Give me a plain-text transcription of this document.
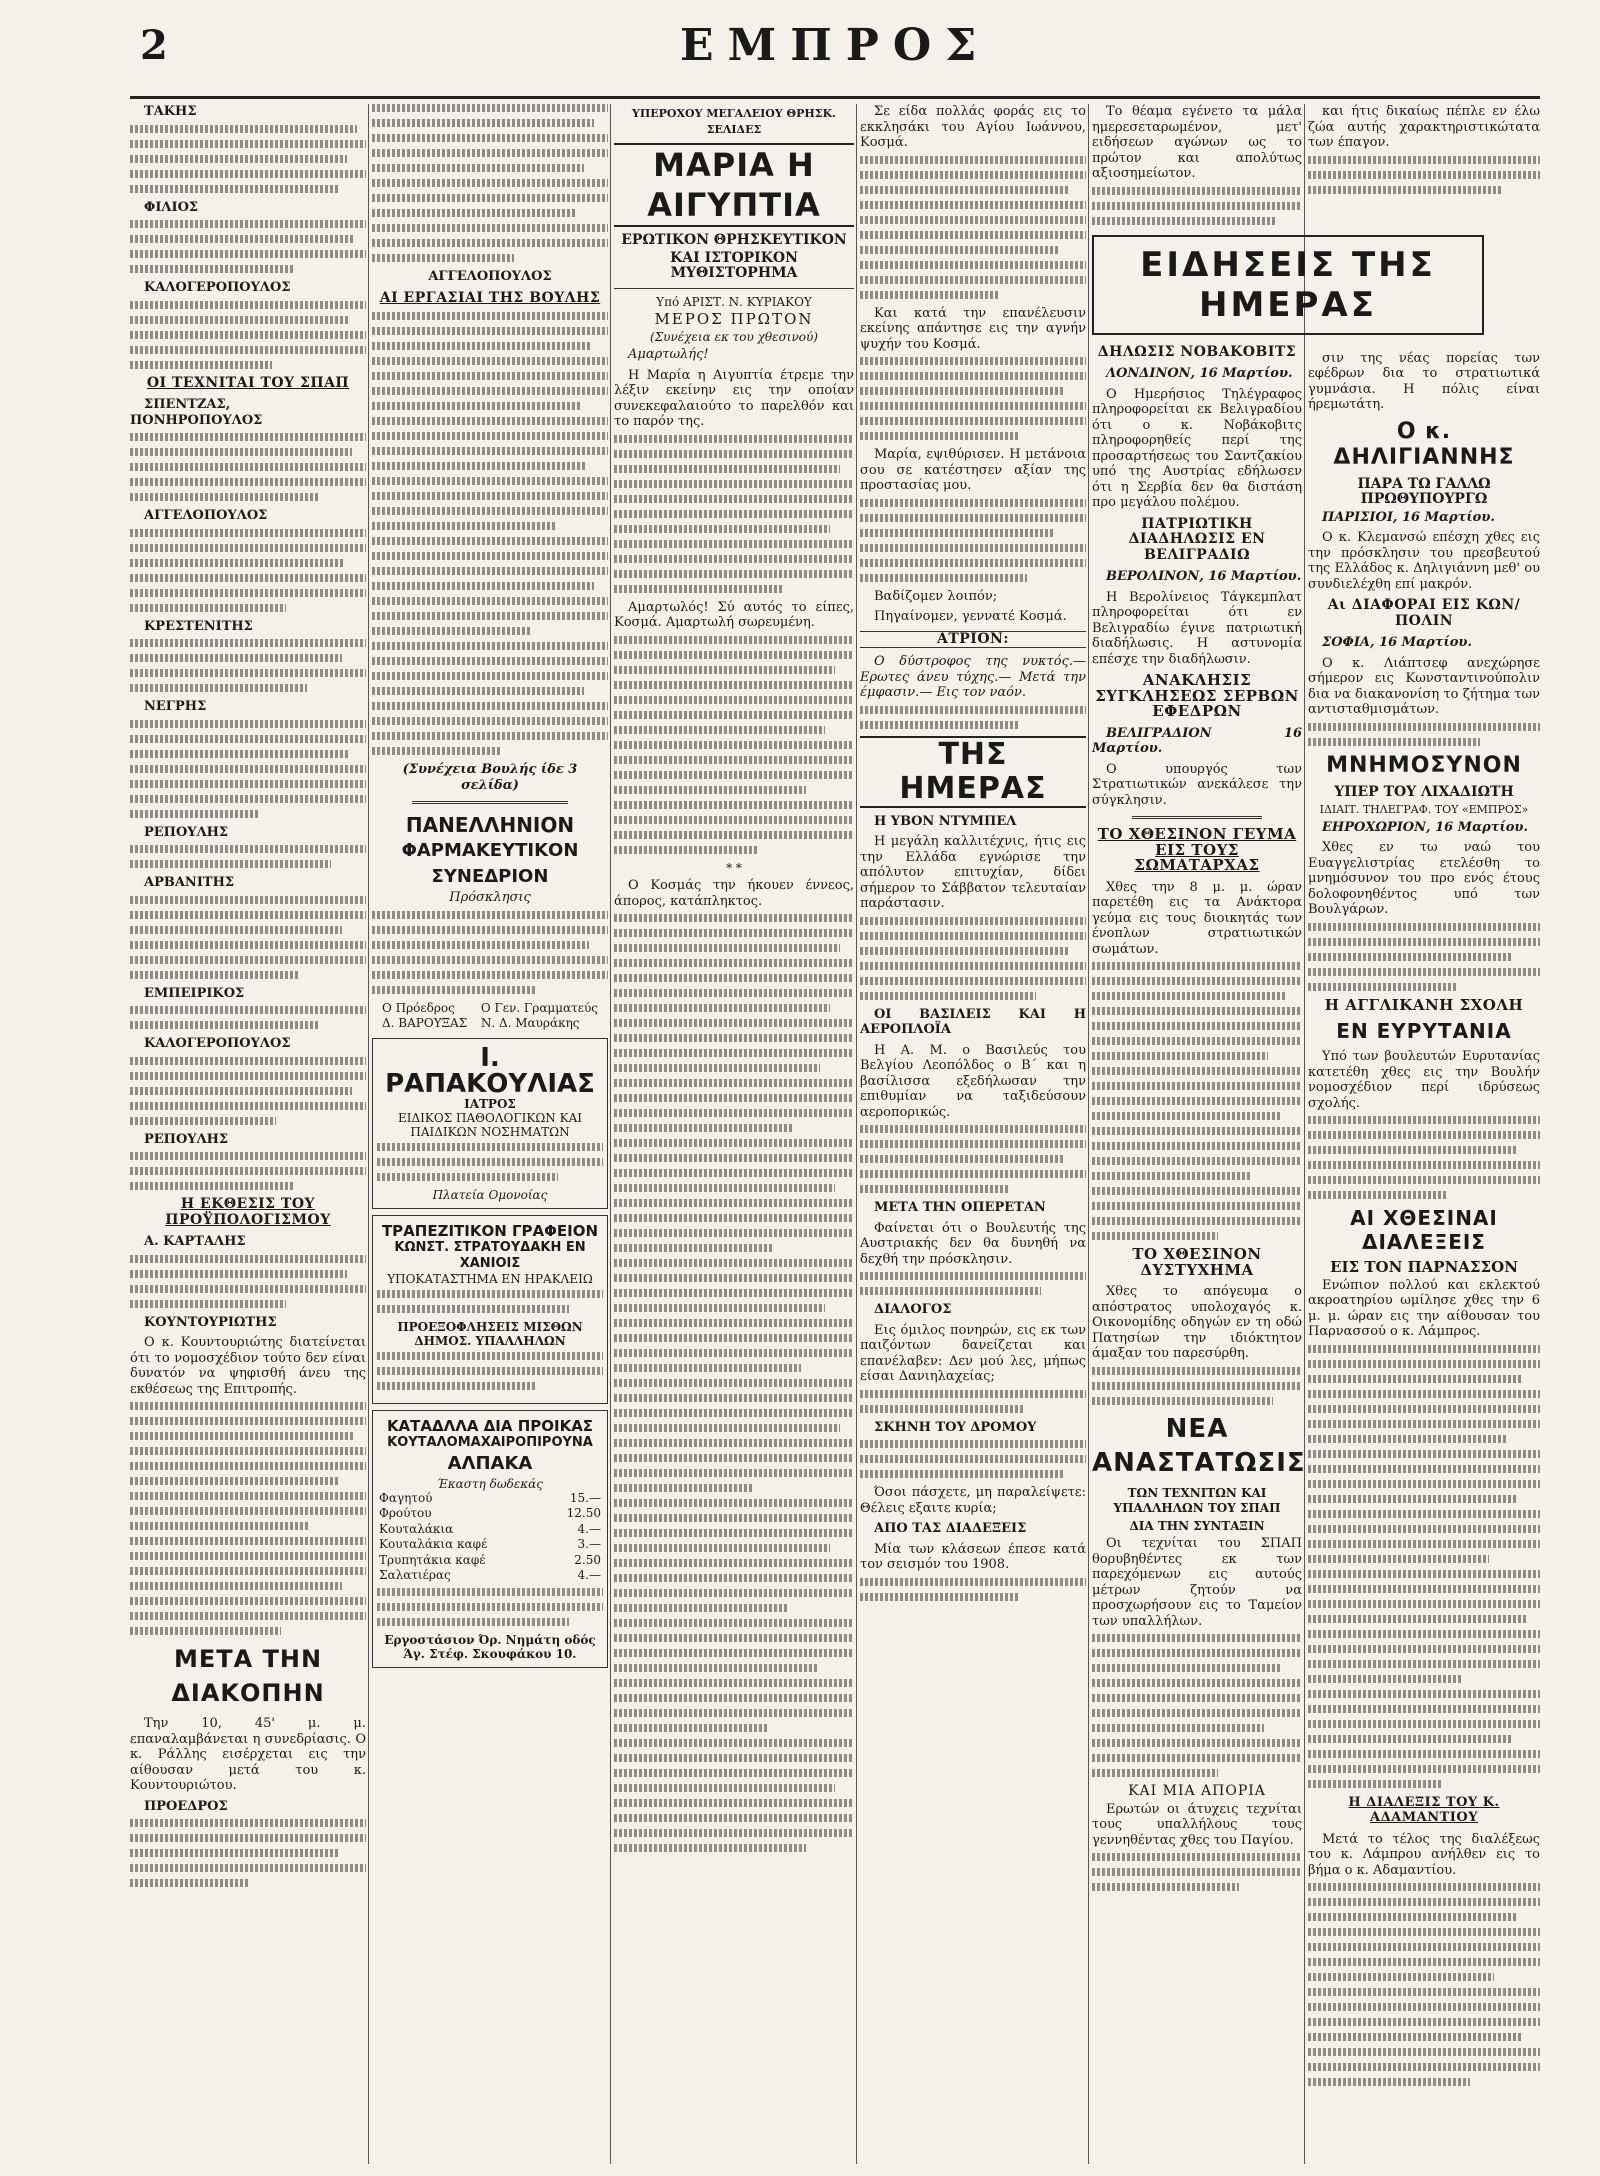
2	ΕΜΠΡΟΣ

ΤΑΚΗΣ

ΦΙΛΙΟΣ

ΚΑΛΟΓΕΡΟΠΟΥΛΟΣ

ΟΙ ΤΕΧΝΙΤΑΙ ΤΟΥ ΣΠΑΠ

ΣΠΕΝΤΖΑΣ, ΠΟΝΗΡΟΠΟΥΛΟΣ

ΑΓΓΕΛΟΠΟΥΛΟΣ

ΚΡΕΣΤΕΝΙΤΗΣ

ΝΕΓΡΗΣ

ΡΕΠΟΥΛΗΣ

ΑΡΒΑΝΙΤΗΣ

ΕΜΠΕΙΡΙΚΟΣ

ΚΑΛΟΓΕΡΟΠΟΥΛΟΣ

ΡΕΠΟΥΛΗΣ

Η ΕΚΘΕΣΙΣ ΤΟΥ ΠΡΟΫΠΟΛΟΓΙΣΜΟΥ

Α. ΚΑΡΤΑΛΗΣ

ΚΟΥΝΤΟΥΡΙΩΤΗΣ

Ο κ. Κουντουριώτης διατείνεται ότι το νομοσχέδιον τούτο δεν είναι δυνατόν να ψηφισθή άνευ της εκθέσεως της Επιτροπής.

ΜΕΤΑ ΤΗΝ ΔΙΑΚΟΠΗΝ

Την 10, 45' μ. μ. επαναλαμβάνεται η συνεδρίασις. Ο κ. Ράλλης εισέρχεται εις την αίθουσαν μετά του κ. Κουντουριώτου.

ΠΡΟΕΔΡΟΣ

ΑΓΓΕΛΟΠΟΥΛΟΣ

ΑΙ ΕΡΓΑΣΙΑΙ ΤΗΣ ΒΟΥΛΗΣ

(Συνέχεια Βουλής ίδε 3 σελίδα)

ΠΑΝΕΛΛΗΝΙΟΝ
ΦΑΡΜΑΚΕΥΤΙΚΟΝ ΣΥΝΕΔΡΙΟΝ

Πρόσκλησις

Ο Πρόεδρος
Δ. ΒΑΡΟΥΞΑΣ
Ο Γεν. Γραμματεύς
Ν. Δ. Μαυράκης
Ι. ΡΑΠΑΚΟΥΛΙΑΣ
ΙΑΤΡΟΣ
ΕΙΔΙΚΟΣ ΠΑΘΟΛΟΓΙΚΩΝ ΚΑΙ ΠΑΙΔΙΚΩΝ ΝΟΣΗΜΑΤΩΝ
Πλατεία Ομονοίας
ΤΡΑΠΕΖΙΤΙΚΟΝ ΓΡΑΦΕΙΟΝ
ΚΩΝΣΤ. ΣΤΡΑΤΟΥΔΑΚΗ ΕΝ ΧΑΝΙΟΙΣ
ΥΠΟΚΑΤΑΣΤΗΜΑ ΕΝ ΗΡΑΚΛΕΙΩ
ΠΡΟΕΞΟΦΛΗΣΕΙΣ ΜΙΣΘΩΝ ΔΗΜΟΣ. ΥΠΑΛΛΗΛΩΝ
ΚΑΤΑΔΛΛΑ ΔΙΑ ΠΡΟΙΚΑΣ
ΚΟΥΤΑΛΟΜΑΧΑΙΡΟΠΙΡΟΥΝΑ
ΑΛΠΑΚΑ
Έκαστη δωδεκάς
Φαγητού	15.—
Φρούτου	12.50
Κουταλάκια	4.—
Κουταλάκια καφέ	3.—
Τρυπητάκια καφέ	2.50
Σαλατιέρας	4.—
Εργοστάσιον Όρ. Νημάτη οδός Άγ. Στέφ. Σκουφάκου 10.
ΥΠΕΡΟΧΟΥ ΜΕΓΑΛΕΙΟΥ ΘΡΗΣΚ. ΣΕΛΙΔΕΣ
ΜΑΡΙΑ Η ΑΙΓΥΠΤΙΑ
ΕΡΩΤΙΚΟΝ ΘΡΗΣΚΕΥΤΙΚΟΝ
ΚΑΙ ΙΣΤΟΡΙΚΟΝ ΜΥΘΙΣΤΟΡΗΜΑ
Υπό ΑΡΙΣΤ. Ν. ΚΥΡΙΑΚΟΥ
ΜΕΡΟΣ ΠΡΩΤΟΝ
(Συνέχεια εκ του χθεσινού)

Αμαρτωλής!

Η Μαρία η Αιγυπτία έτρεμε την λέξιν εκείνην εις την οποίαν συνεκεφαλαιούτο το παρελθόν και το παρόν της.

Αμαρτωλός! Σύ αυτός το είπες, Κοσμά. Αμαρτωλή σωρευμένη.

* *

Ο Κοσμάς την ήκουεν έννεος, άπορος, κατάπληκτος.

Σε είδα πολλάς φοράς εις το εκκλησάκι του Αγίου Ιωάννου, Κοσμά.

Και κατά την επανέλευσιν εκείνης απάντησε εις την αγνήν ψυχήν του Κοσμά.

Μαρία, εψιθύρισεν. Η μετάνοια σου σε κατέστησεν αξίαν της προστασίας μου.

Βαδίζομεν λοιπόν;

Πηγαίνομεν, γεννατέ Κοσμά.

ΑΤΡΙΟΝ:

Ο δύστροφος της νυκτός.— Ερωτες άνευ τύχης.— Μετά την έμφασιν.— Εις τον ναόν.

ΤΗΣ ΗΜΕΡΑΣ

Η ΥΒΟΝ ΝΤΥΜΠΕΛ

Η μεγάλη καλλιτέχνις, ήτις εις την Ελλάδα εγνώρισε την απόλυτον επιτυχίαν, δίδει σήμερον το Σάββατον τελευταίαν παράστασιν.

ΟΙ ΒΑΣΙΛΕΙΣ ΚΑΙ Η ΑΕΡΟΠΛΟΪΑ

Η Α. Μ. ο Βασιλεύς του Βελγίου Λεοπόλδος ο Β΄ και η βασίλισσα εξεδήλωσαν την επιθυμίαν να ταξιδεύσουν αεροπορικώς.

ΜΕΤΑ ΤΗΝ ΟΠΕΡΕΤΑΝ

Φαίνεται ότι ο Βουλευτής της Αυστριακής δεν θα δυνηθή να δεχθή την πρόσκλησιν.

ΔΙΑΛΟΓΟΣ

Εις όμιλος πονηρών, εις εκ των παιζόντων δανείζεται και επανέλαβεν: Δεν μού λες, μήπως είσαι Δανιηλαχείας;

ΣΚΗΝΗ ΤΟΥ ΔΡΟΜΟΥ

Όσοι πάσχετε, μη παραλείψετε: Θέλεις εξαιτε κυρία;

ΑΠΟ ΤΑΣ ΔΙΑΔΕΞΕΙΣ

Μία των κλάσεων έπεσε κατά τον σεισμόν του 1908.

Το θέαμα εγένετο τα μάλα ημερεσεταρωμένον, μετ' ειδήσεων αγώνων ως το πρώτον και απολύτως αξιοσημείωτον.

ΕΙΔΗΣΕΙΣ ΤΗΣ ΗΜΕΡΑΣ
ΔΗΛΩΣΙΣ ΝΟΒΑΚΟΒΙΤΣ

ΛΟΝΔΙΝΟΝ, 16 Μαρτίου.

Ο Ημερήσιος Τηλέγραφος πληροφορείται εκ Βελιγραδίου ότι ο κ. Νοβάκοβιτς πληροφορηθείς περί της προσαρτήσεως του Σαντζακίου υπό της Αυστρίας εδήλωσεν ότι η Σερβία δεν θα διστάση προ μεγάλου πολέμου.

ΠΑΤΡΙΩΤΙΚΗ ΔΙΑΔΗΛΩΣΙΣ ΕΝ ΒΕΛΙΓΡΑΔΙΩ

ΒΕΡΟΛΙΝΟΝ, 16 Μαρτίου.

Η Βερολίνειος Τάγκεμπλατ πληροφορείται ότι εν Βελιγραδίω έγινε πατριωτική διαδήλωσις. Η αστυνομία επέσχε την διαδήλωσιν.

ΑΝΑΚΛΗΣΙΣ ΣΥΓΚΛΗΣΕΩΣ ΣΕΡΒΩΝ ΕΦΕΔΡΩΝ

ΒΕΛΙΓΡΑΔΙΟΝ 16 Μαρτίου.

Ο υπουργός των Στρατιωτικών ανεκάλεσε την σύγκλησιν.

ΤΟ ΧΘΕΣΙΝΟΝ ΓΕΥΜΑ ΕΙΣ ΤΟΥΣ ΣΩΜΑΤΑΡΧΑΣ

Χθες την 8 μ. μ. ώραν παρετέθη εις τα Ανάκτορα γεύμα εις τους διοικητάς των ένοπλων στρατιωτικών σωμάτων.

ΤΟ ΧΘΕΣΙΝΟΝ ΔΥΣΤΥΧΗΜΑ

Χθες το απόγευμα ο απόστρατος υπολοχαγός κ. Οικονομίδης οδηγών εν τη οδώ Πατησίων την ιδιόκτητον άμαξαν του παρεσύρθη.

ΝΕΑ ΑΝΑΣΤΑΤΩΣΙΣ
ΤΩΝ ΤΕΧΝΙΤΩΝ ΚΑΙ ΥΠΑΛΛΗΛΩΝ ΤΟΥ ΣΠΑΠ
ΔΙΑ ΤΗΝ ΣΥΝΤΑΞΙΝ

Οι τεχνίται του ΣΠΑΠ θορυβηθέντες εκ των παρεχόμενων εις αυτούς μέτρων ζητούν να προσχωρήσουν εις το Ταμείον των υπαλλήλων.

ΚΑΙ ΜΙΑ ΑΠΟΡΙΑ

Ερωτών οι άτυχεις τεχνίται τους υπαλλήλους τους γεννηθέντας χθες του Παγίου.

και ήτις δικαίως πέπλε εν έλω ζώα αυτής χαρακτηριστικώτατα των έπαγον.

σιν της νέας πορείας των εφέδρων δια το στρατιωτικά γυμνάσια. Η πόλις είναι ήρεμωτάτη.

Ο κ. ΔΗΛΙΓΙΑΝΝΗΣ
ΠΑΡΑ ΤΩ ΓΑΛΛΩ ΠΡΩΘΥΠΟΥΡΓΩ

ΠΑΡΙΣΙΟΙ, 16 Μαρτίου.

Ο κ. Κλεμανσώ επέσχη χθες εις την πρόσκλησιν του πρεσβευτού της Ελλάδος κ. Δηλιγιάννη μεθ' ου συνδιελέχθη επί μακρόν.

Αι ΔΙΑΦΟΡΑΙ ΕΙΣ ΚΩΝ/ΠΟΛΙΝ

ΣΟΦΙΑ, 16 Μαρτίου.

Ο κ. Λιάπτσεφ ανεχώρησε σήμερον εις Κωνσταντινούπολιν δια να διακανονίση το ζήτημα των αντισταθμισμάτων.

ΜΝΗΜΟΣΥΝΟΝ
ΥΠΕΡ ΤΟΥ ΛΙΧΑΔΙΩΤΗ
ΙΔΙΑΙΤ. ΤΗΛΕΓΡΑΦ. ΤΟΥ «ΕΜΠΡΟΣ»

ΕΗΡΟΧΩΡΙΟΝ, 16 Μαρτίου.

Χθες εν τω ναώ του Ευαγγελιστρίας ετελέσθη το μνημόσυνον του προ ενός έτους δολοφονηθέντος υπό των Βουλγάρων.

Η ΑΓΓΛΙΚΑΝΗ ΣΧΟΛΗ
ΕΝ ΕΥΡΥΤΑΝΙΑ

Υπό των βουλευτών Ευρυτανίας κατετέθη χθες εις την Βουλήν νομοσχέδιον περί ιδρύσεως σχολής.

ΑΙ ΧΘΕΣΙΝΑΙ ΔΙΑΛΕΞΕΙΣ
ΕΙΣ ΤΟΝ ΠΑΡΝΑΣΣΟΝ

Ενώπιον πολλού και εκλεκτού ακροατηρίου ωμίλησε χθες την 6 μ. μ. ώραν εις την αίθουσαν του Παρνασσού ο κ. Λάμπρος.

Η ΔΙΑΛΕΞΙΣ ΤΟΥ Κ. ΑΔΑΜΑΝΤΙΟΥ

Μετά το τέλος της διαλέξεως του κ. Λάμπρου ανήλθεν εις το βήμα ο κ. Αδαμαντίου.
